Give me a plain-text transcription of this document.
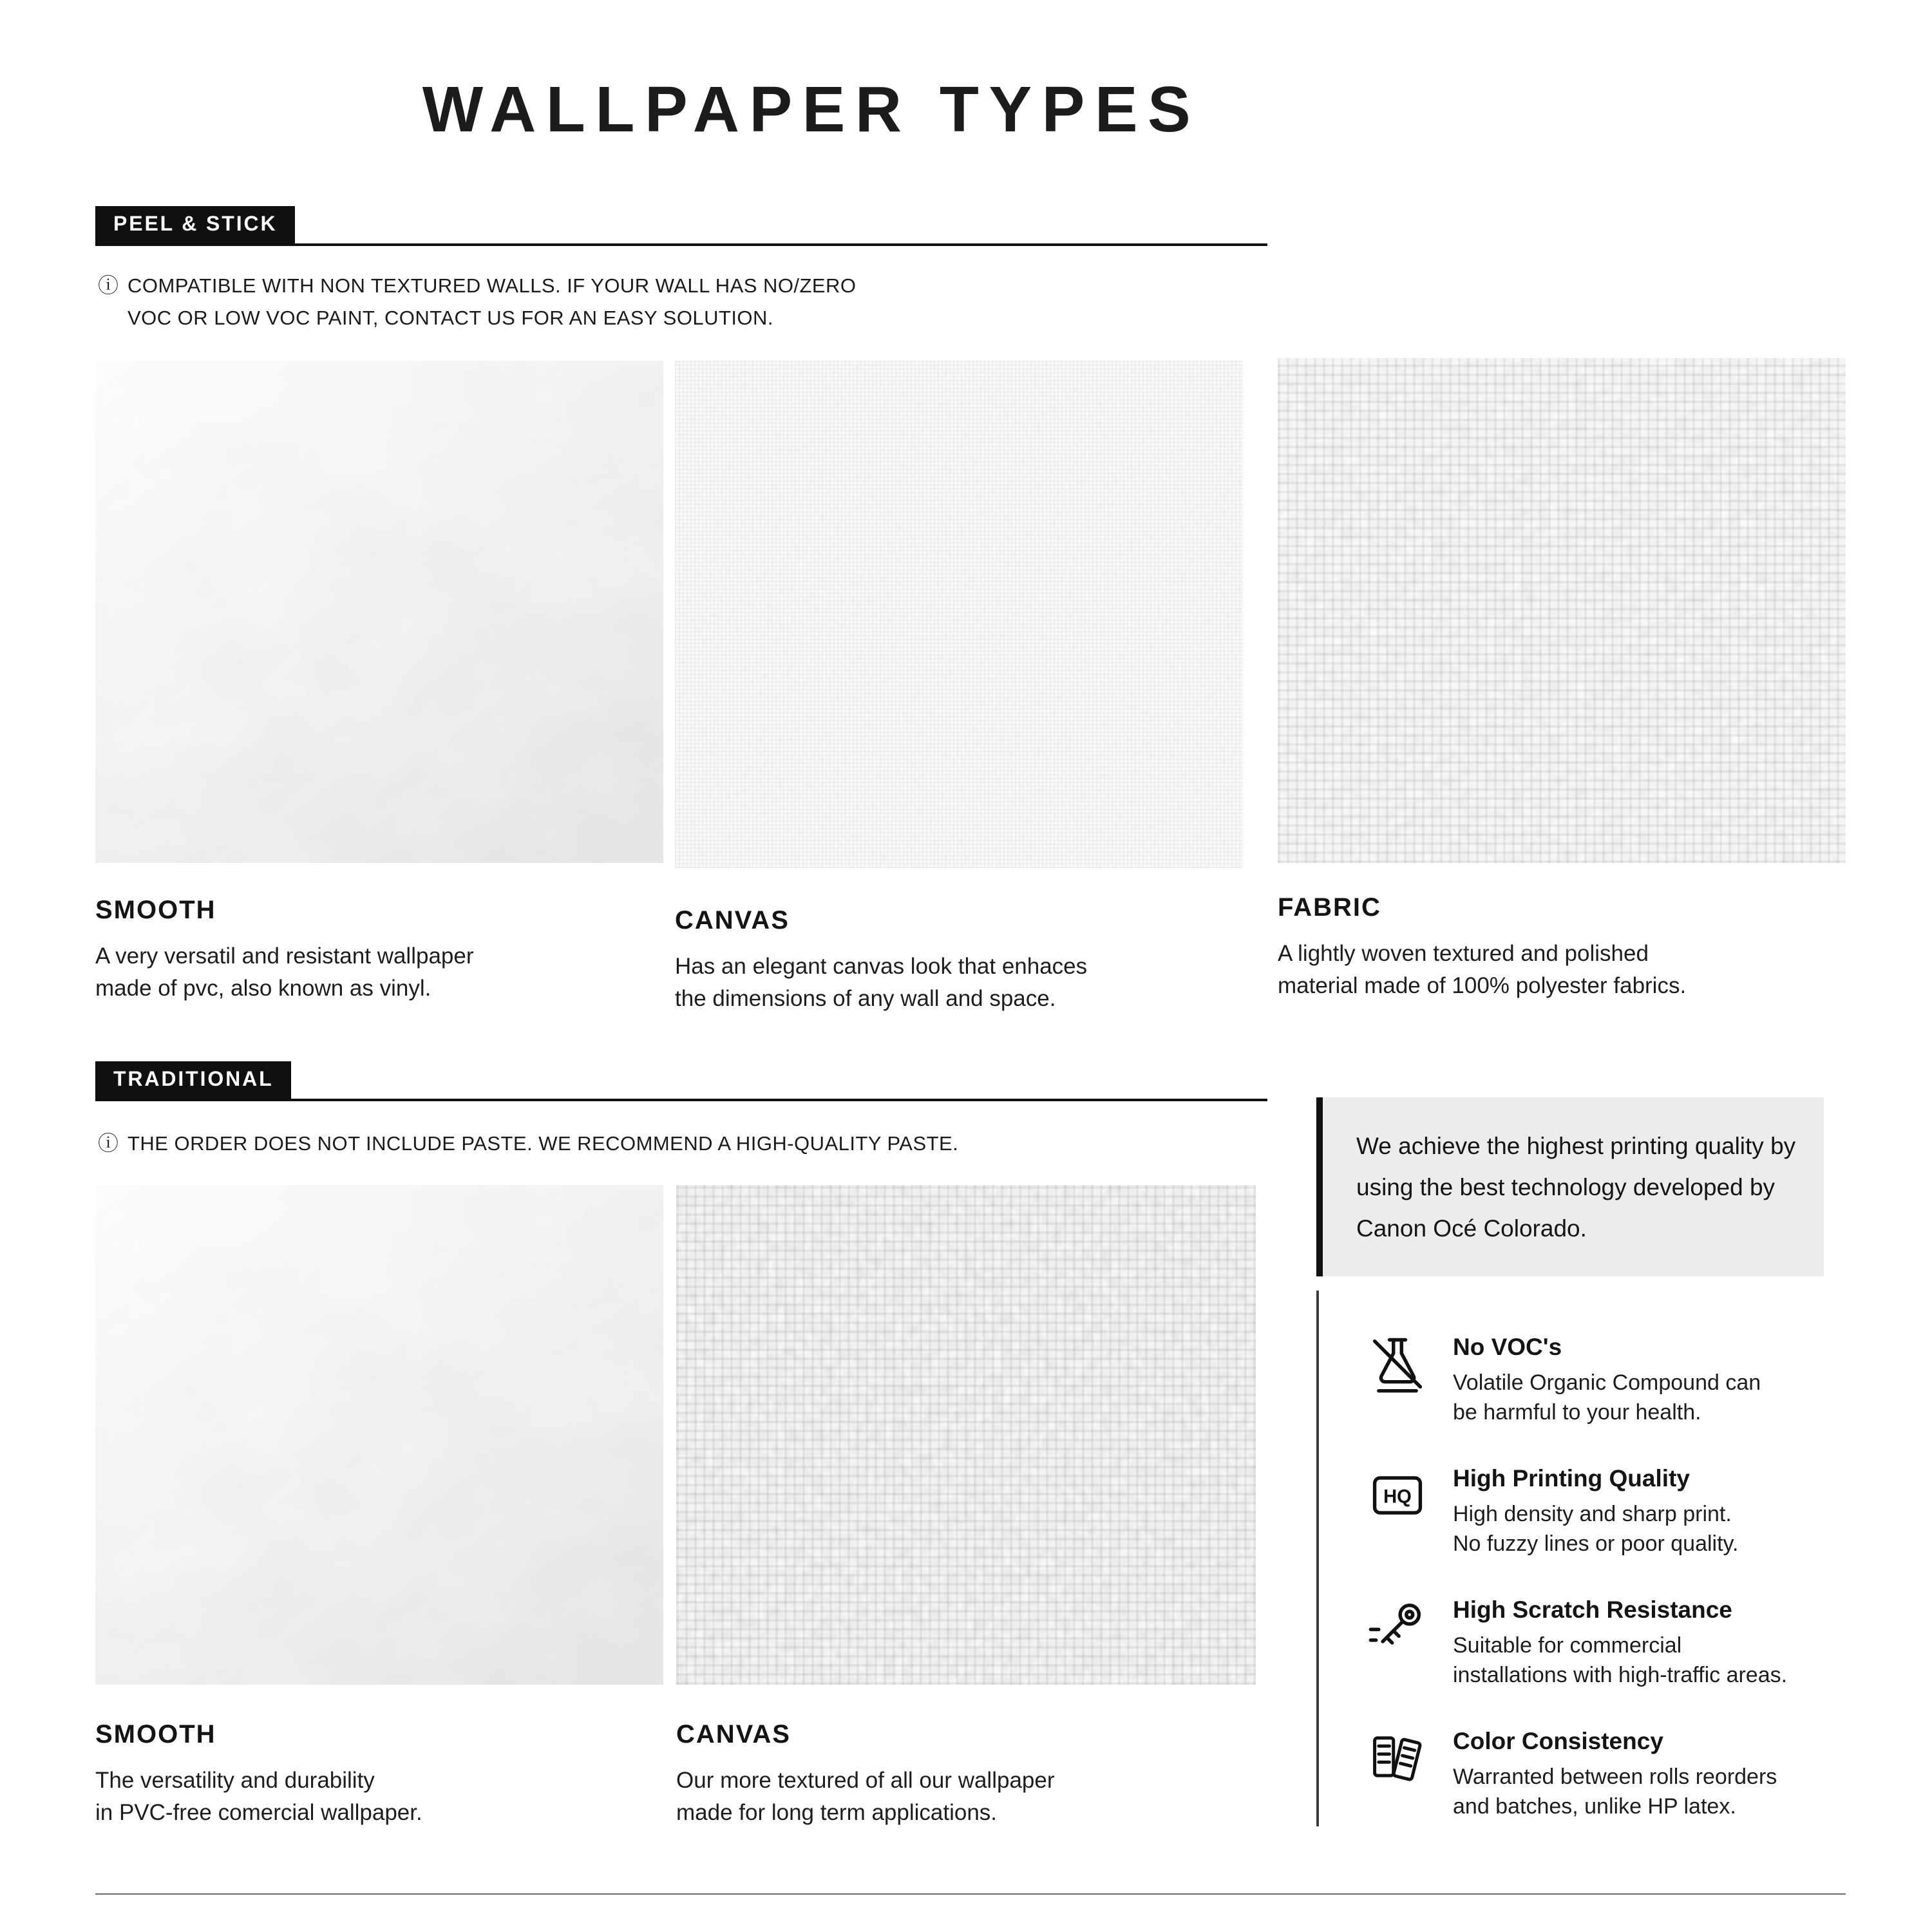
WALLPAPER TYPES
PEEL & STICK
ⓘ COMPATIBLE WITH NON TEXTURED WALLS. IF YOUR WALL HAS NO/ZERO
VOC OR LOW VOC PAINT, CONTACT US FOR AN EASY SOLUTION.
SMOOTH
A very versatil and resistant wallpaper
made of pvc, also known as vinyl.
CANVAS
Has an elegant canvas look that enhaces
the dimensions of any wall and space.
FABRIC
A lightly woven textured and polished
material made of 100% polyester fabrics.
TRADITIONAL
ⓘ THE ORDER DOES NOT INCLUDE PASTE. WE RECOMMEND A HIGH-QUALITY PASTE.
SMOOTH
The versatility and durability
in PVC-free comercial wallpaper.
CANVAS
Our more textured of all our wallpaper
made for long term applications.
We achieve the highest printing quality by using the best technology developed by Canon Océ Colorado.
No VOC's
Volatile Organic Compound can
be harmful to your health.
HQ
High Printing Quality
High density and sharp print.
No fuzzy lines or poor quality.
High Scratch Resistance
Suitable for commercial
installations with high-traffic areas.
Color Consistency
Warranted between rolls reorders
and batches, unlike HP latex.
